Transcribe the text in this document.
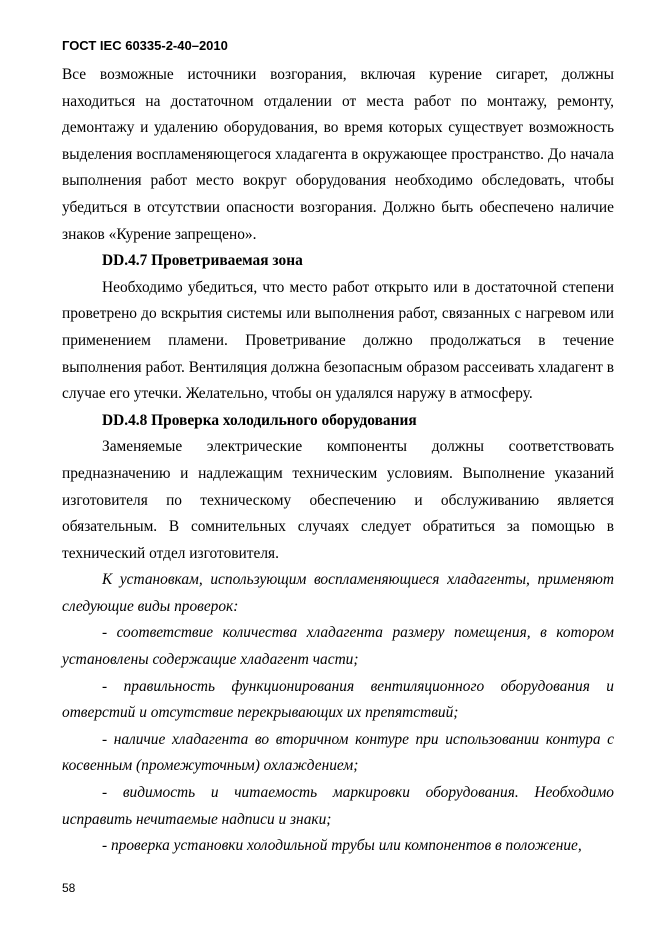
ГОСТ IEC 60335-2-40–2010

Все возможные источники возгорания, включая курение сигарет, должны находиться на достаточном отдалении от места работ по монтажу, ремонту, демонтажу и удалению оборудования, во время которых существует возможность выделения воспламеняющегося хладагента в окружающее пространство. До начала выполнения работ место вокруг оборудования необходимо обследовать, чтобы убедиться в отсутствии опасности возгорания. Должно быть обеспечено наличие знаков «Курение запрещено».

DD.4.7 Проветриваемая зона

Необходимо убедиться, что место работ открыто или в достаточной степени проветрено до вскрытия системы или выполнения работ, связанных с нагревом или применением пламени. Проветривание должно продолжаться в течение выполнения работ. Вентиляция должна безопасным образом рассеивать хладагент в случае его утечки. Желательно, чтобы он удалялся наружу в атмосферу.

DD.4.8 Проверка холодильного оборудования

Заменяемые электрические компоненты должны соответствовать предназначению и надлежащим техническим условиям. Выполнение указаний изготовителя по техническому обеспечению и обслуживанию является обязательным. В сомнительных случаях следует обратиться за помощью в технический отдел изготовителя.

К установкам, использующим воспламеняющиеся хладагенты, применяют следующие виды проверок:

- соответствие количества хладагента размеру помещения, в котором установлены содержащие хладагент части;

- правильность функционирования вентиляционного оборудования и отверстий и отсутствие перекрывающих их препятствий;

- наличие хладагента во вторичном контуре при использовании контура с косвенным (промежуточным) охлаждением;

- видимость и читаемость маркировки оборудования. Необходимо исправить нечитаемые надписи и знаки;

- проверка установки холодильной трубы или компонентов в положение,

58
